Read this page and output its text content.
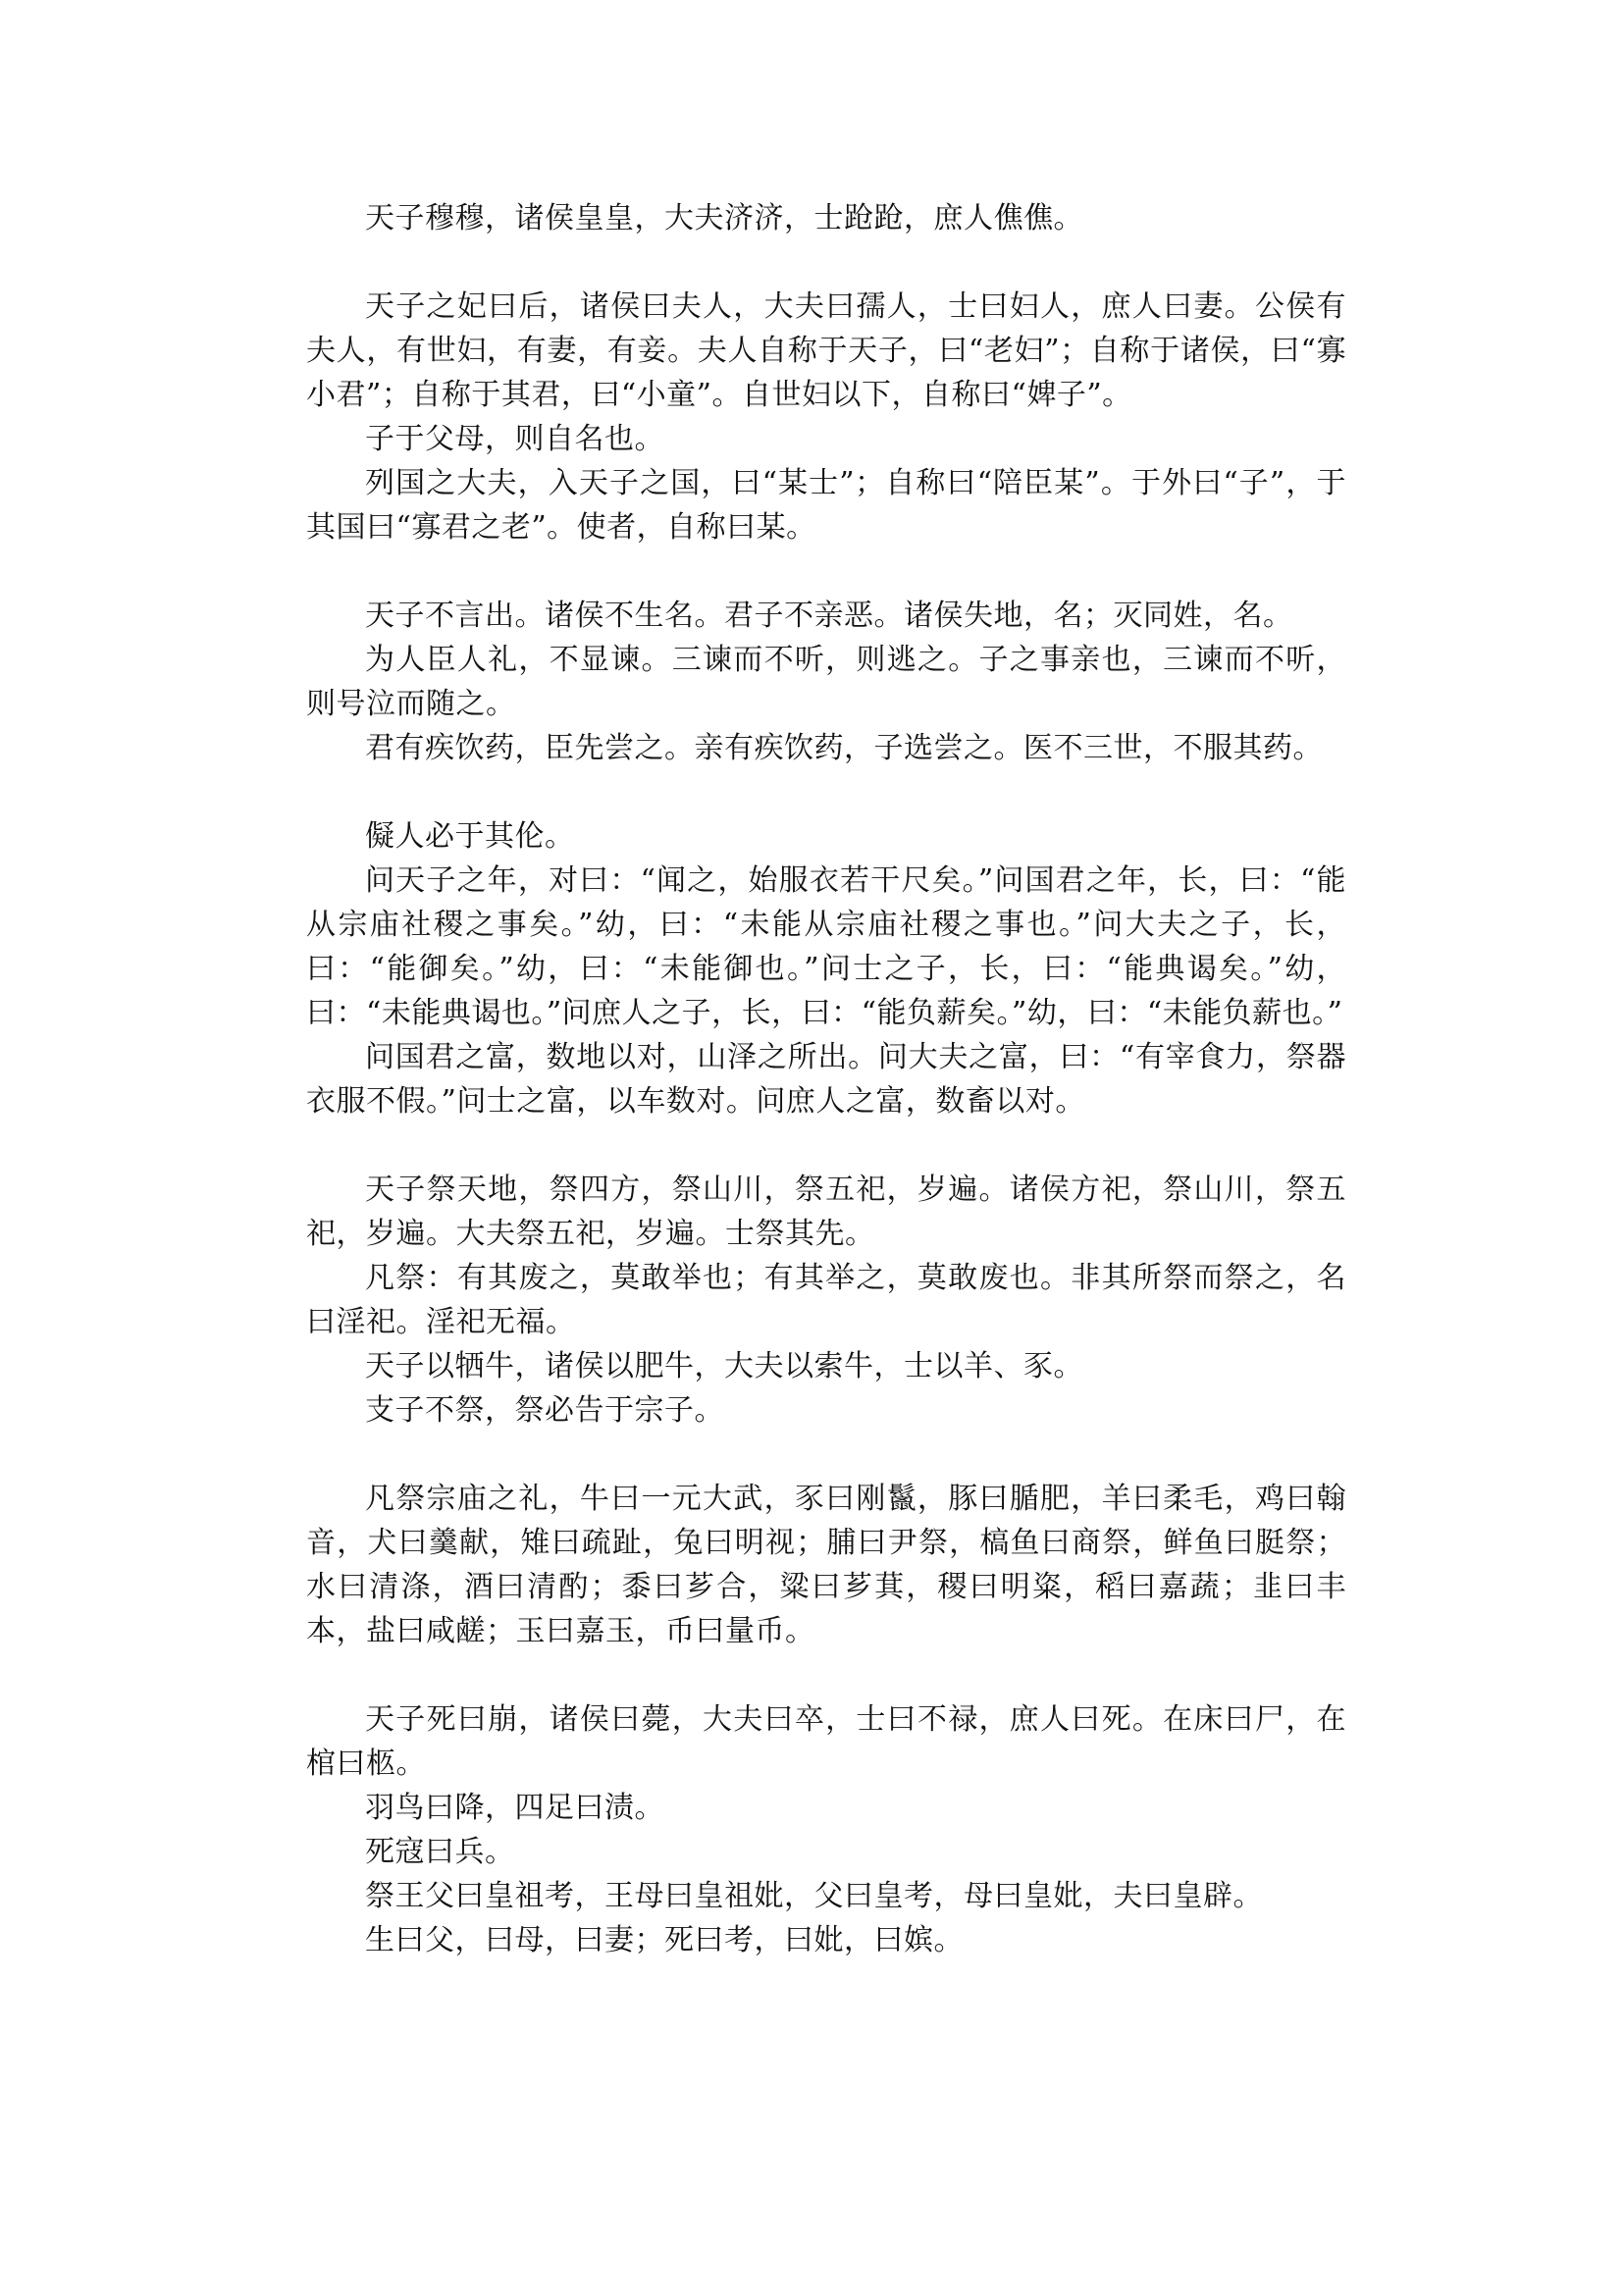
天子穆穆，诸侯皇皇，大夫济济，士跄跄，庶人僬僬。

天子之妃曰后，诸侯曰夫人，大夫曰孺人，士曰妇人，庶人曰妻。公侯有夫人，有世妇，有妻，有妾。夫人自称于天子，曰“老妇”；自称于诸侯，曰“寡小君”；自称于其君，曰“小童”。自世妇以下，自称曰“婢子”。

子于父母，则自名也。

列国之大夫，入天子之国，曰“某士”；自称曰“陪臣某”。于外曰“子”，于其国曰“寡君之老”。使者，自称曰某。

天子不言出。诸侯不生名。君子不亲恶。诸侯失地，名；灭同姓，名。

为人臣人礼，不显谏。三谏而不听，则逃之。子之事亲也，三谏而不听，则号泣而随之。

君有疾饮药，臣先尝之。亲有疾饮药，子选尝之。医不三世，不服其药。

儗人必于其伦。

问天子之年，对曰：“闻之，始服衣若干尺矣。”问国君之年，长，曰：“能从宗庙社稷之事矣。”幼，曰：“未能从宗庙社稷之事也。”问大夫之子，长，曰：“能御矣。”幼，曰：“未能御也。”问士之子，长，曰：“能典谒矣。”幼，曰：“未能典谒也。”问庶人之子，长，曰：“能负薪矣。”幼，曰：“未能负薪也。”

问国君之富，数地以对，山泽之所出。问大夫之富，曰：“有宰食力，祭器衣服不假。”问士之富，以车数对。问庶人之富，数畜以对。

天子祭天地，祭四方，祭山川，祭五祀，岁遍。诸侯方祀，祭山川，祭五祀，岁遍。大夫祭五祀，岁遍。士祭其先。

凡祭：有其废之，莫敢举也；有其举之，莫敢废也。非其所祭而祭之，名曰淫祀。淫祀无福。

天子以牺牛，诸侯以肥牛，大夫以索牛，士以羊、豕。

支子不祭，祭必告于宗子。

凡祭宗庙之礼，牛曰一元大武，豕曰刚鬣，豚曰腯肥，羊曰柔毛，鸡曰翰音，犬曰羹献，雉曰疏趾，兔曰明视；脯曰尹祭，槁鱼曰商祭，鲜鱼曰脡祭；水曰清涤，酒曰清酌；黍曰芗合，粱曰芗萁，稷曰明粢，稻曰嘉蔬；韭曰丰本，盐曰咸鹾；玉曰嘉玉，币曰量币。

天子死曰崩，诸侯曰薨，大夫曰卒，士曰不禄，庶人曰死。在床曰尸，在棺曰柩。

羽鸟曰降，四足曰渍。

死寇曰兵。

祭王父曰皇祖考，王母曰皇祖妣，父曰皇考，母曰皇妣，夫曰皇辟。

生曰父，曰母，曰妻；死曰考，曰妣，曰嫔。
